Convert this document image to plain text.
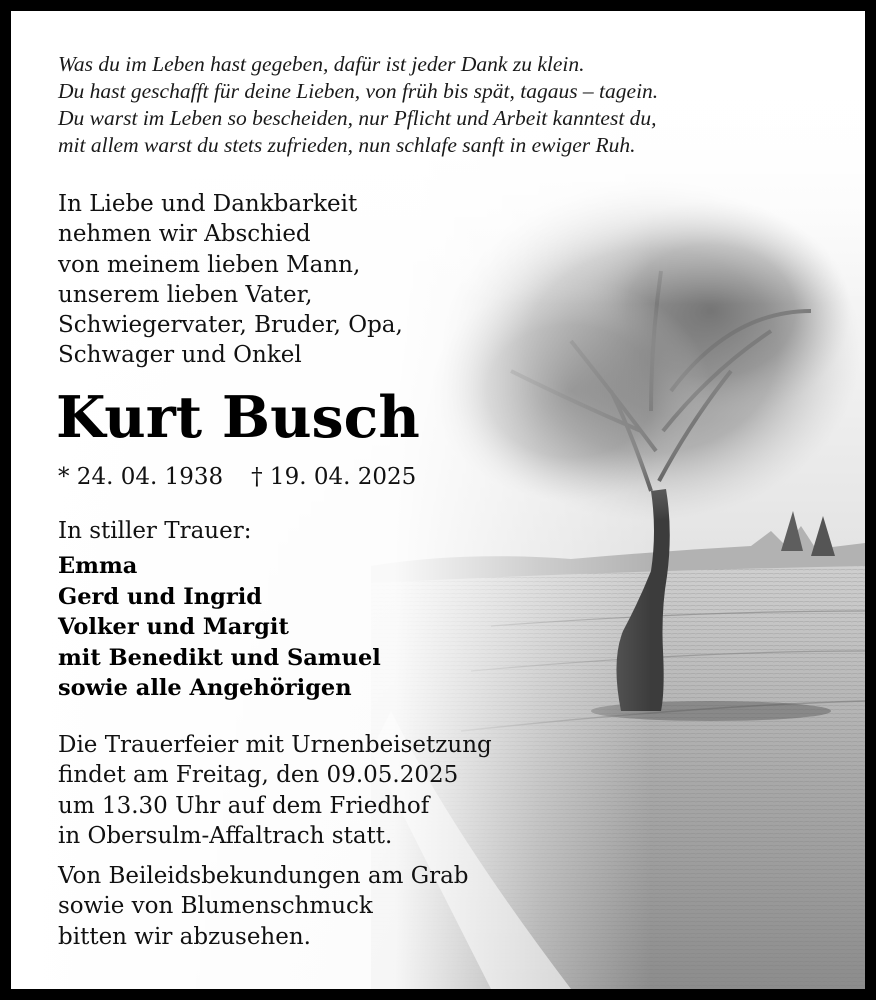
Was du im Leben hast gegeben, dafür ist jeder Dank zu klein.
Du hast geschafft für deine Lieben, von früh bis spät, tagaus – tagein.
Du warst im Leben so bescheiden, nur Pflicht und Arbeit kanntest du,
mit allem warst du stets zufrieden, nun schlafe sanft in ewiger Ruh.
In Liebe und Dankbarkeit
nehmen wir Abschied
von meinem lieben Mann,
unserem lieben Vater,
Schwiegervater, Bruder, Opa,
Schwager und Onkel
Kurt Busch
* 24. 04. 1938 † 19. 04. 2025
In stiller Trauer:
Emma
Gerd und Ingrid
Volker und Margit
mit Benedikt und Samuel
sowie alle Angehörigen
Die Trauerfeier mit Urnenbeisetzung
findet am Freitag, den 09.05.2025
um 13.30 Uhr auf dem Friedhof
in Obersulm-Affaltrach statt.
Von Beileidsbekundungen am Grab
sowie von Blumenschmuck
bitten wir abzusehen.
